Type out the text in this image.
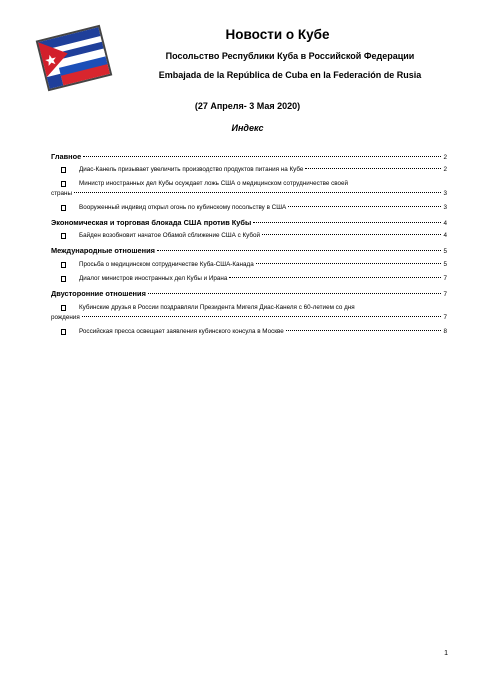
Новости о Кубе
Посольство Республики Куба в Российской Федерации
Embajada de la República de Cuba en la Federación de Rusia
(27 Апреля- 3 Мая 2020)
Индекс
Главное	2
Диас-Канель призывает увеличить производство продуктов питания на Кубе	2
Министр иностранных дел Кубы осуждает ложь США о медицинском сотрудничестве своей
страны	3
Вооруженный индивид открыл огонь по кубинскому посольству в США	3
Экономическая и торговая блокада США против Кубы	4
Байден возобновит начатое Обамой сближение США с Кубой	4
Международные отношения	5
Просьба о медицинском сотрудничестве Куба-США-Канада	5
Диалог министров иностранных дел Кубы и Ирана	7
Двусторонние отношения	7
Кубинские друзья в России поздравляли Президента Мигеля Диас-Канеля с 60-летием со дня
рождения	7
Российская пресса освещает заявления кубинского консула в Москве	8
1
